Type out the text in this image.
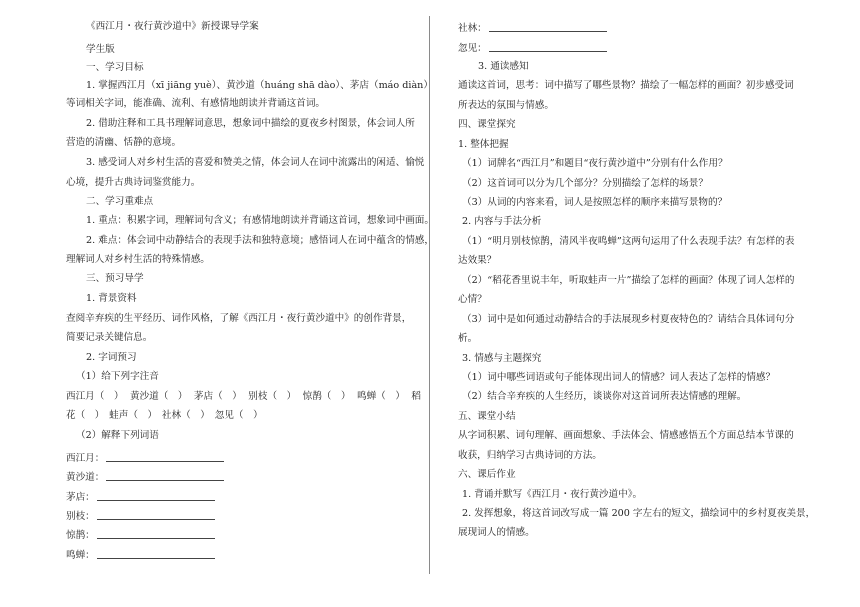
《西江月・夜行黄沙道中》新授课导学案
学生版
一、学习目标
1. 掌握西江月（xī jiāng yuè）、黄沙道（huáng shā dào）、茅店（máo diàn）
等词相关字词，能准确、流利、有感情地朗读并背诵这首词。
2. 借助注释和工具书理解词意思，想象词中描绘的夏夜乡村图景，体会词人所
营造的清幽、恬静的意境。
3. 感受词人对乡村生活的喜爱和赞美之情，体会词人在词中流露出的闲适、愉悦
心境，提升古典诗词鉴赏能力。
二、学习重难点
1. 重点：积累字词，理解词句含义；有感情地朗读并背诵这首词，想象词中画面。
2. 难点：体会词中动静结合的表现手法和独特意境；感悟词人在词中蕴含的情感，
理解词人对乡村生活的特殊情感。
三、预习导学
1. 背景资料
查阅辛弃疾的生平经历、词作风格，了解《西江月・夜行黄沙道中》的创作背景，
简要记录关键信息。
2. 字词预习
（1）给下列字注音
西江月（　） 黄沙道（　） 茅店（　） 别枝（　） 惊鹊（　） 鸣蝉（　） 稻
花（　）　蛙声（　）　社林（　）　忽见（　）
（2）解释下列词语
西江月：
黄沙道：
茅店：
别枝：
惊鹊：
鸣蝉：
社林：
忽见：
3. 通读感知
通读这首词，思考：词中描写了哪些景物？描绘了一幅怎样的画面？初步感受词
所表达的氛围与情感。
四、课堂探究
1. 整体把握
（1）词牌名“西江月”和题目“夜行黄沙道中”分别有什么作用？
（2）这首词可以分为几个部分？分别描绘了怎样的场景？
（3）从词的内容来看，词人是按照怎样的顺序来描写景物的？
2. 内容与手法分析
（1）“明月别枝惊鹊，清风半夜鸣蝉”这两句运用了什么表现手法？有怎样的表
达效果？
（2）“稻花香里说丰年，听取蛙声一片”描绘了怎样的画面？体现了词人怎样的
心情？
（3）词中是如何通过动静结合的手法展现乡村夏夜特色的？请结合具体词句分
析。
3. 情感与主题探究
（1）词中哪些词语或句子能体现出词人的情感？词人表达了怎样的情感？
（2）结合辛弃疾的人生经历，谈谈你对这首词所表达情感的理解。
五、课堂小结
从字词积累、词句理解、画面想象、手法体会、情感感悟五个方面总结本节课的
收获，归纳学习古典诗词的方法。
六、课后作业
1. 背诵并默写《西江月・夜行黄沙道中》。
2. 发挥想象，将这首词改写成一篇 200 字左右的短文，描绘词中的乡村夏夜美景，
展现词人的情感。
